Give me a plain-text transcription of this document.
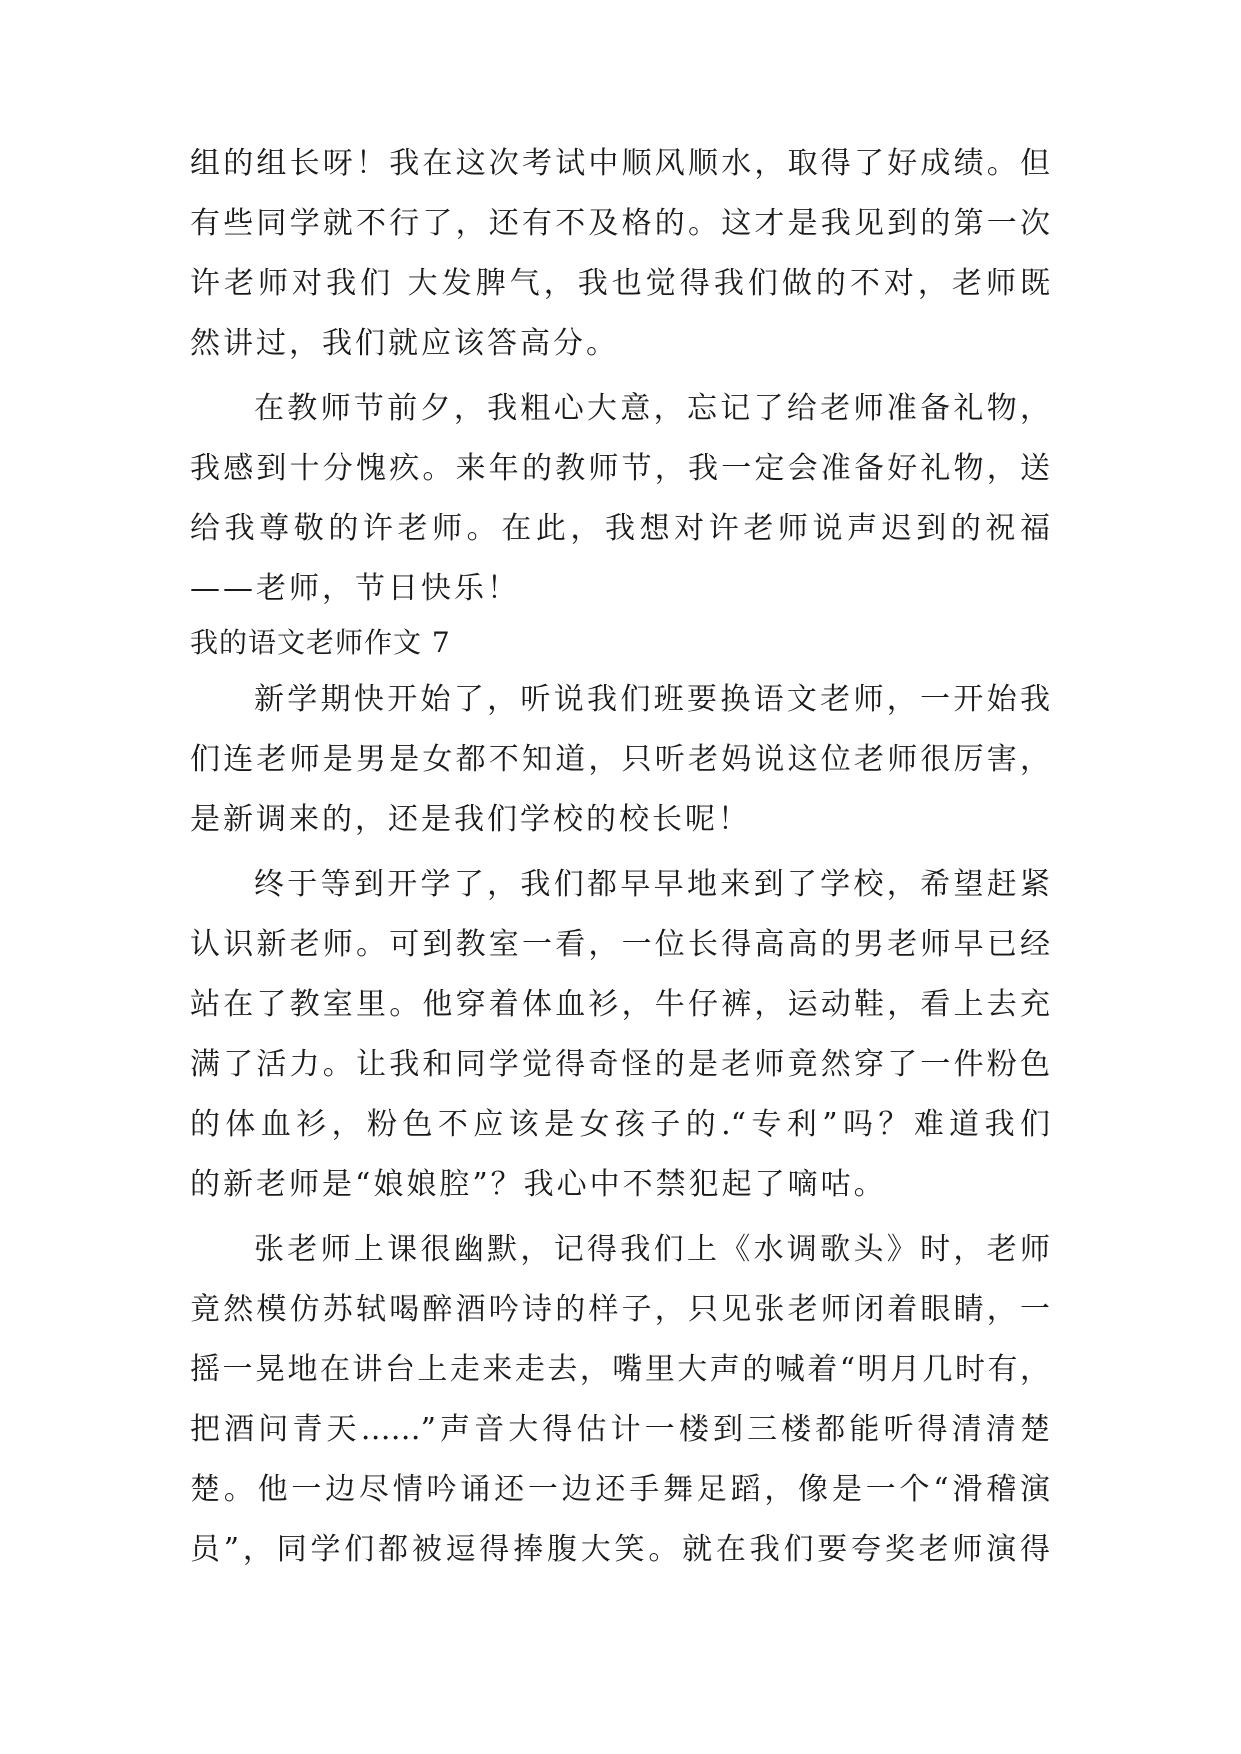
组的组长呀！我在这次考试中顺风顺水，取得了好成绩。但
有些同学就不行了，还有不及格的。这才是我见到的第一次
许老师对我们 大发脾气，我也觉得我们做的不对，老师既
然讲过，我们就应该答高分。
在教师节前夕，我粗心大意，忘记了给老师准备礼物，
我感到十分愧疚。来年的教师节，我一定会准备好礼物，送
给我尊敬的许老师。在此，我想对许老师说声迟到的祝福
——老师，节日快乐！
我的语文老师作文 7
新学期快开始了，听说我们班要换语文老师，一开始我
们连老师是男是女都不知道，只听老妈说这位老师很厉害，
是新调来的，还是我们学校的校长呢！
终于等到开学了，我们都早早地来到了学校，希望赶紧
认识新老师。可到教室一看，一位长得高高的男老师早已经
站在了教室里。他穿着体血衫，牛仔裤，运动鞋，看上去充
满了活力。让我和同学觉得奇怪的是老师竟然穿了一件粉色
的体血衫，粉色不应该是女孩子的.“专利”吗？难道我们
的新老师是“娘娘腔”？我心中不禁犯起了嘀咕。
张老师上课很幽默，记得我们上《水调歌头》时，老师
竟然模仿苏轼喝醉酒吟诗的样子，只见张老师闭着眼睛，一
摇一晃地在讲台上走来走去，嘴里大声的喊着“明月几时有，
把酒问青天……”声音大得估计一楼到三楼都能听得清清楚
楚。他一边尽情吟诵还一边还手舞足蹈，像是一个“滑稽演
员”，同学们都被逗得捧腹大笑。就在我们要夸奖老师演得
